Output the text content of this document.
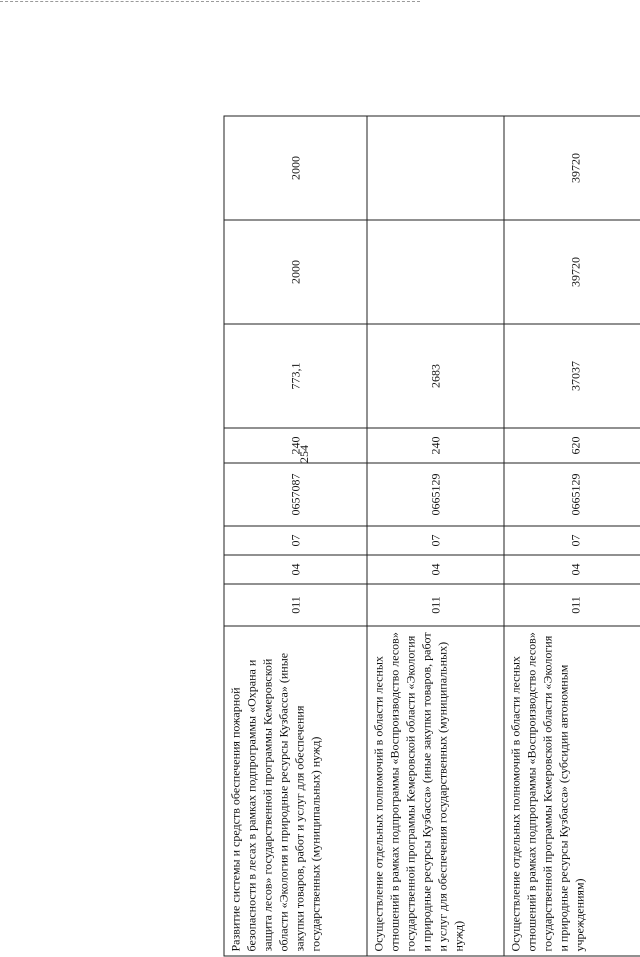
254
Развитие системы и средств обеспечения пожарной безопасности в лесах в рамках подпрограммы «Охрана и защита лесов» государственной программы Кемеровской области «Экология и природные ресурсы Кузбасса» (иные закупки товаров, работ и услуг для обеспечения государственных (муниципальных) нужд)	011	04	07	0657087	240	773,1	2000	2000
Осуществление отдельных полномочий в области лесных отношений в рамках подпрограммы «Воспроизводство лесов» государственной программы Кемеровской области «Экология и природные ресурсы Кузбасса» (иные закупки товаров, работ и услуг для обеспечения государственных (муниципальных) нужд)	011	04	07	0665129	240	2683		
Осуществление отдельных полномочий в области лесных отношений в рамках подпрограммы «Воспроизводство лесов» государственной программы Кемеровской области «Экология и природные ресурсы Кузбасса» (субсидии автономным учреждениям)	011	04	07	0665129	620	37037	39720	39720
